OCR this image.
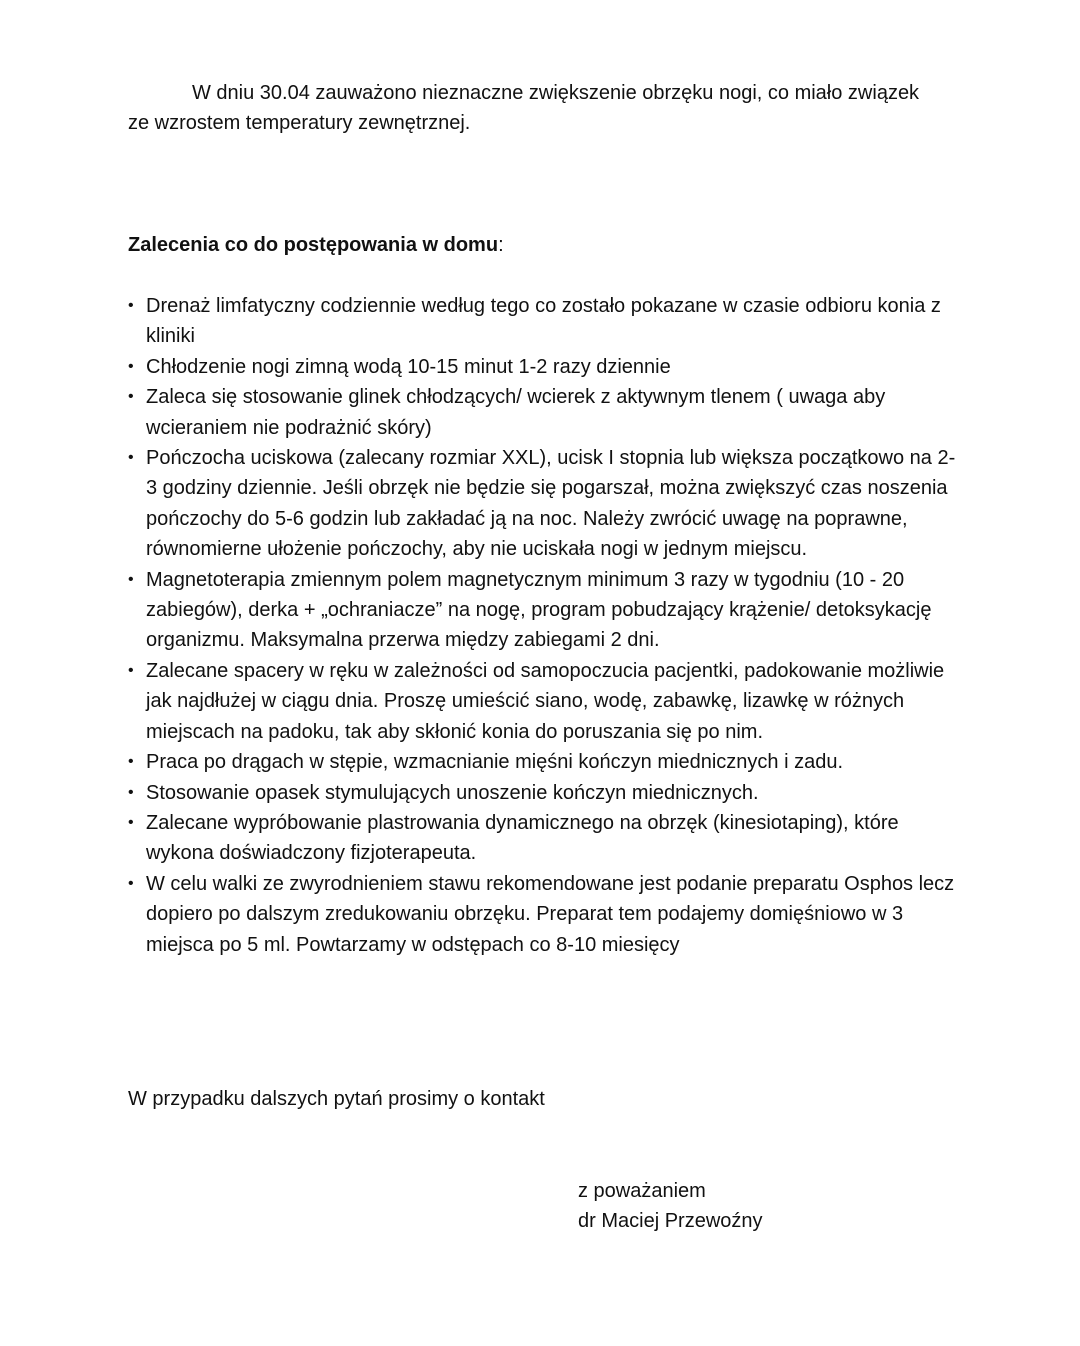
W dniu 30.04 zauważono nieznaczne zwiększenie obrzęku nogi, co miało związek ze wzrostem temperatury zewnętrznej.

Zalecenia co do postępowania w domu:

• Drenaż limfatyczny codziennie według tego co zostało pokazane w czasie odbioru konia z kliniki
• Chłodzenie nogi zimną wodą 10-15 minut 1-2 razy dziennie
• Zaleca się stosowanie glinek chłodzących/ wcierek z aktywnym tlenem ( uwaga aby wcieraniem nie podrażnić skóry)
• Pończocha uciskowa (zalecany rozmiar XXL), ucisk I stopnia lub większa początkowo na 2-3 godziny dziennie. Jeśli obrzęk nie będzie się pogarszał, można zwiększyć czas noszenia pończochy do 5-6 godzin lub zakładać ją na noc. Należy zwrócić uwagę na poprawne, równomierne ułożenie pończochy, aby nie uciskała nogi w jednym miejscu.
• Magnetoterapia zmiennym polem magnetycznym minimum 3 razy w tygodniu (10 - 20 zabiegów), derka + „ochraniacze” na nogę, program pobudzający krążenie/ detoksykację organizmu. Maksymalna przerwa między zabiegami 2 dni.
• Zalecane spacery w ręku w zależności od samopoczucia pacjentki, padokowanie możliwie jak najdłużej w ciągu dnia. Proszę umieścić siano, wodę, zabawkę, lizawkę w różnych miejscach na padoku, tak aby skłonić konia do poruszania się po nim.
• Praca po drągach w stępie, wzmacnianie mięśni kończyn miednicznych i zadu.
• Stosowanie opasek stymulujących unoszenie kończyn miednicznych.
• Zalecane wypróbowanie plastrowania dynamicznego na obrzęk (kinesiotaping), które wykona doświadczony fizjoterapeuta.
• W celu walki ze zwyrodnieniem stawu rekomendowane jest podanie preparatu Osphos lecz dopiero po dalszym zredukowaniu obrzęku. Preparat tem podajemy domięśniowo w 3 miejsca po 5 ml. Powtarzamy w odstępach co 8-10 miesięcy

W przypadku dalszych pytań prosimy o kontakt

z poważaniem
dr Maciej Przewoźny
